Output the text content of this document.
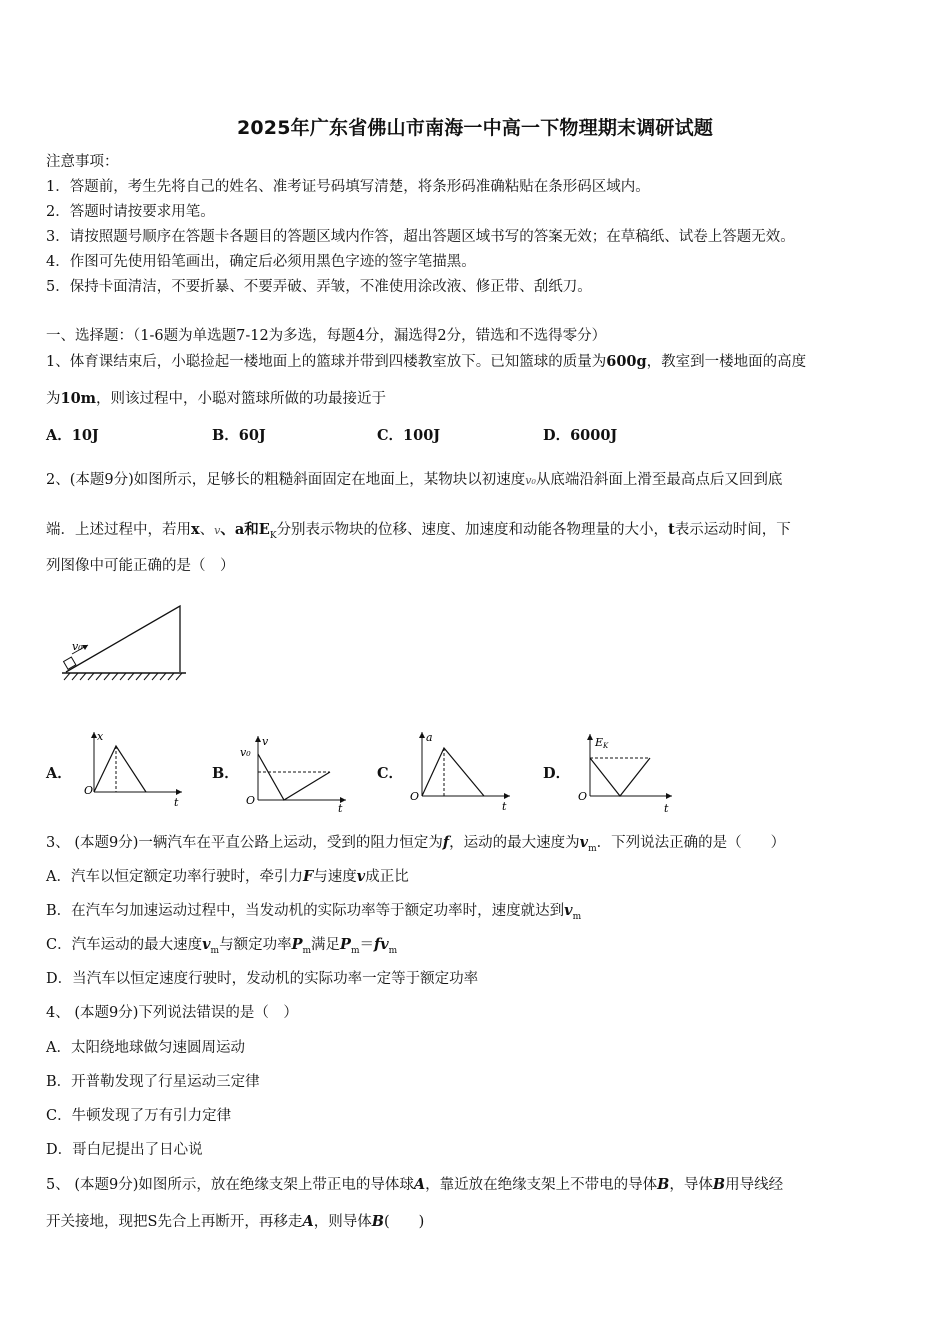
2025年广东省佛山市南海一中高一下物理期末调研试题
注意事项：
1．答题前，考生先将自己的姓名、准考证号码填写清楚，将条形码准确粘贴在条形码区域内。
2．答题时请按要求用笔。
3．请按照题号顺序在答题卡各题目的答题区域内作答，超出答题区域书写的答案无效；在草稿纸、试卷上答题无效。
4．作图可先使用铅笔画出，确定后必须用黑色字迹的签字笔描黑。
5．保持卡面清洁，不要折暴、不要弄破、弄皱，不准使用涂改液、修正带、刮纸刀。
一、选择题：（1-6题为单选题7-12为多选，每题4分，漏选得2分，错选和不选得零分）
1、体育课结束后，小聪捡起一楼地面上的篮球并带到四楼教室放下。已知篮球的质量为600g，教室到一楼地面的高度
为10m，则该过程中，小聪对篮球所做的功最接近于
A．10J	B．60J	C．100J	D．6000J
2、(本题9分)如图所示，足够长的粗糙斜面固定在地面上，某物块以初速度v₀从底端沿斜面上滑至最高点后又回到底
端．上述过程中，若用x、v、a和$E_K$分别表示物块的位移、速度、加速度和动能各物理量的大小，t表示运动时间，下
列图像中可能正确的是（　）
v₀
A．
x
O
t
B．
v
v₀
O
t
C．
a
O
t
D．
EK
O
t
3、 (本题9分)一辆汽车在平直公路上运动，受到的阻力恒定为f，运动的最大速度为$v_m$．下列说法正确的是（　　）
A．汽车以恒定额定功率行驶时，牵引力F与速度v成正比
B．在汽车匀加速运动过程中，当发动机的实际功率等于额定功率时，速度就达到$v_m$
C．汽车运动的最大速度$v_m$与额定功率$P_m$满足$P_m=fv_m$
D．当汽车以恒定速度行驶时，发动机的实际功率一定等于额定功率
4、 (本题9分)下列说法错误的是（　）
A．太阳绕地球做匀速圆周运动
B．开普勒发现了行星运动三定律
C．牛顿发现了万有引力定律
D．哥白尼提出了日心说
5、 (本题9分)如图所示，放在绝缘支架上带正电的导体球A，靠近放在绝缘支架上不带电的导体B，导体B用导线经
开关接地，现把S先合上再断开，再移走A，则导体B(　　)
